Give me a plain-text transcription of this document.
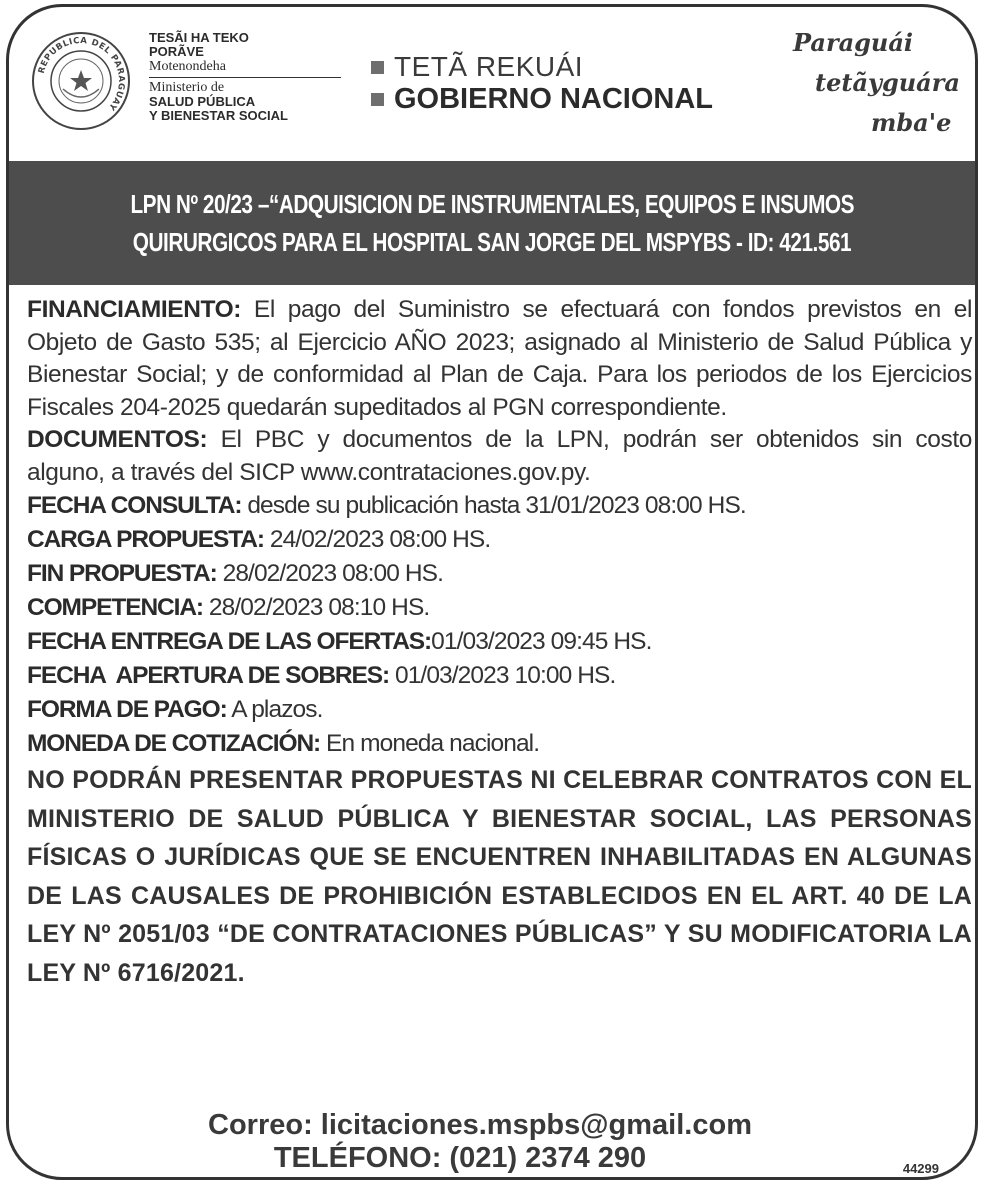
REPUBLICA DEL PARAGUAY
TESÃI HA TEKO
PORÃVE
Motenondeha
Ministerio de
SALUD PÚBLICA
Y BIENESTAR SOCIAL
TETÃ REKUÁI
GOBIERNO NACIONAL
Paraguái
tetãyguára
mba'e
LPN Nº 20/23 –“ADQUISICION DE INSTRUMENTALES, EQUIPOS E INSUMOS
QUIRURGICOS PARA EL HOSPITAL SAN JORGE DEL MSPYBS - ID: 421.561
FINANCIAMIENTO: El pago del Suministro se efectuará con fondos previstos en el Objeto de Gasto 535; al Ejercicio AÑO 2023; asignado al Ministerio de Salud Pública y Bienestar Social; y de conformidad al Plan de Caja. Para los periodos de los Ejercicios Fiscales 204-2025 quedarán supeditados al PGN correspondiente.
DOCUMENTOS: El PBC y documentos de la LPN, podrán ser obtenidos sin costo alguno, a través del SICP www.contrataciones.gov.py.
FECHA CONSULTA: desde su publicación hasta 31/01/2023 08:00 HS.
CARGA PROPUESTA: 24/02/2023 08:00 HS.
FIN PROPUESTA: 28/02/2023 08:00 HS.
COMPETENCIA: 28/02/2023 08:10 HS.
FECHA ENTREGA DE LAS OFERTAS:01/03/2023 09:45 HS.
FECHA  APERTURA DE SOBRES: 01/03/2023 10:00 HS.
FORMA DE PAGO: A plazos.
MONEDA DE COTIZACIÓN: En moneda nacional.
NO PODRÁN PRESENTAR PROPUESTAS NI CELEBRAR CONTRATOS CON EL MINISTERIO DE SALUD PÚBLICA Y BIENESTAR SOCIAL, LAS PERSONAS FÍSICAS O JURÍDICAS QUE SE ENCUENTREN INHABILITADAS EN ALGUNAS DE LAS CAUSALES DE PROHIBICIÓN ESTABLECIDOS EN EL ART. 40 DE LA LEY Nº 2051/03 “DE CONTRATACIONES PÚBLICAS” Y SU MODIFICATORIA LA LEY Nº 6716/2021.
Correo: licitaciones.mspbs@gmail.com
TELÉFONO: (021) 2374 290	44299
